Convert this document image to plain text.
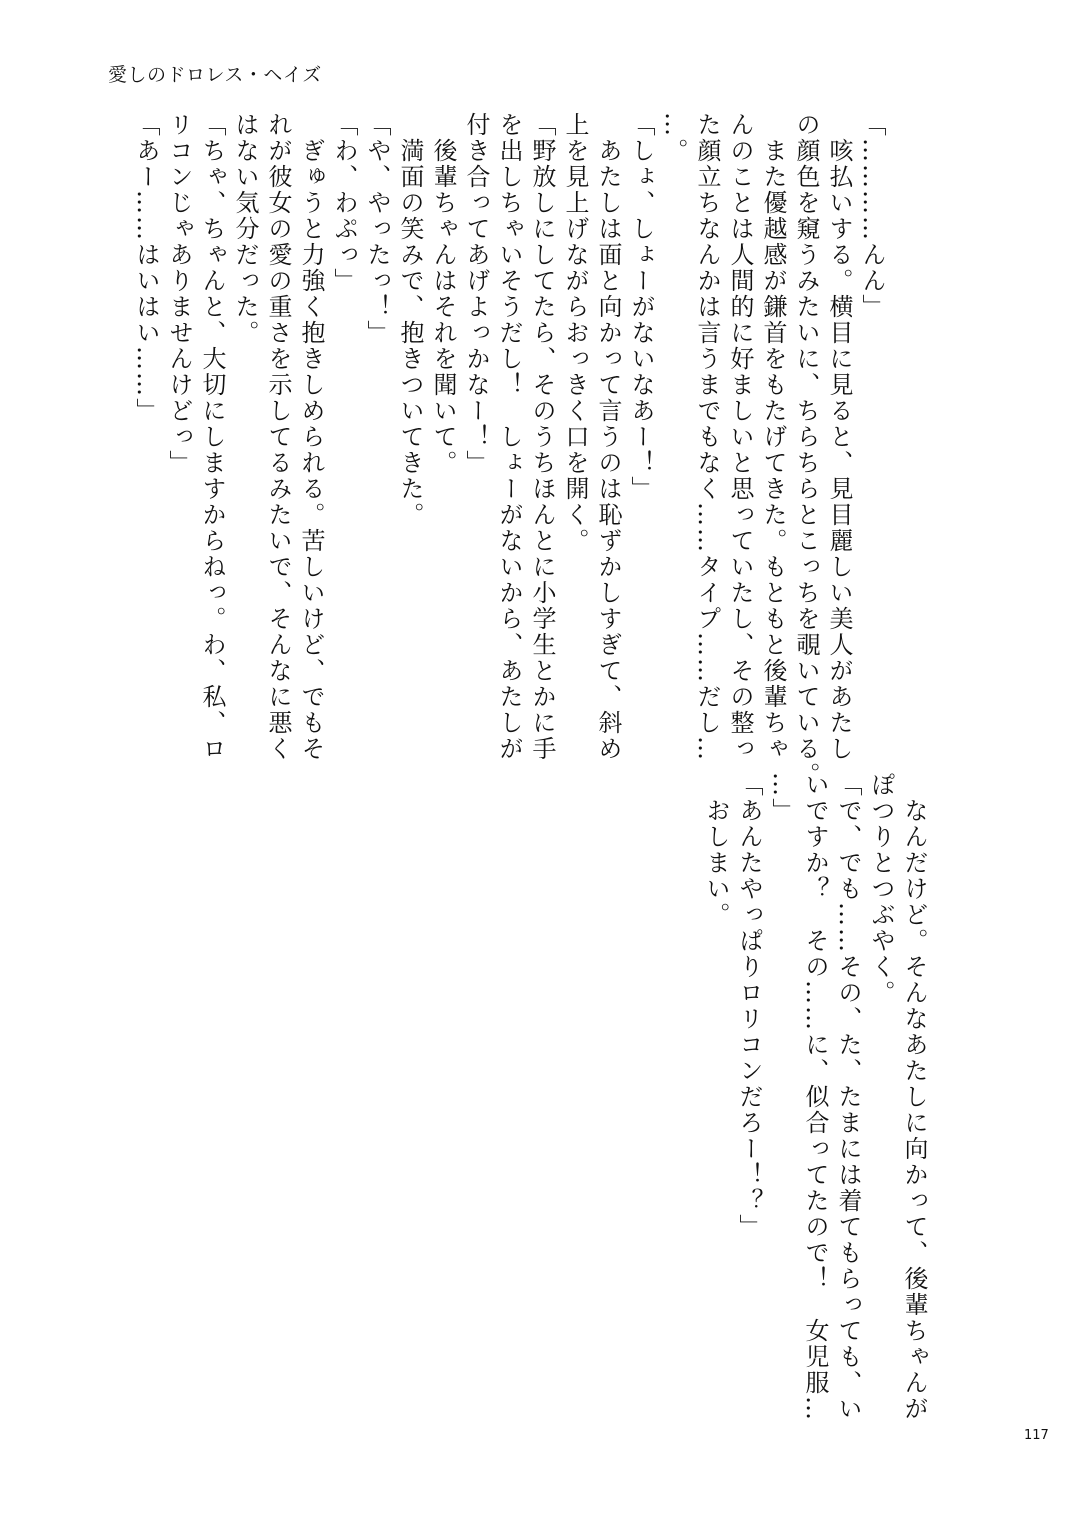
愛しのドロレス・ヘイズ
「…………んん」
　咳払いする。横目に見ると、見目麗しい美人があたし
の顔色を窺うみたいに、ちらちらとこっちを覗いている。
　また優越感が鎌首をもたげてきた。もともと後輩ちゃ
んのことは人間的に好ましいと思っていたし、その整っ
た顔立ちなんかは言うまでもなく……タイプ……だし…
…。
「しょ、しょーがないなあー！」
　あたしは面と向かって言うのは恥ずかしすぎて、斜め
上を見上げながらおっきく口を開く。
「野放しにしてたら、そのうちほんとに小学生とかに手
を出しちゃいそうだし！　しょーがないから、あたしが
付き合ってあげよっかなー！」
　後輩ちゃんはそれを聞いて。
　満面の笑みで、抱きついてきた。
「や、やったっ！」
「わ、わぷっ」
　ぎゅうと力強く抱きしめられる。苦しいけど、でもそ
れが彼女の愛の重さを示してるみたいで、そんなに悪く
はない気分だった。
「ちゃ、ちゃんと、大切にしますからねっ。わ、私、ロ
リコンじゃありませんけどっ」
「あー……はいはい……」
　なんだけど。そんなあたしに向かって、後輩ちゃんが
ぽつりとつぶやく。
「で、でも……その、た、たまには着てもらっても、い
いですか？　その……に、似合ってたので！　女児服…
…」
「あんたやっぱりロリコンだろー！？」
　おしまい。
117
